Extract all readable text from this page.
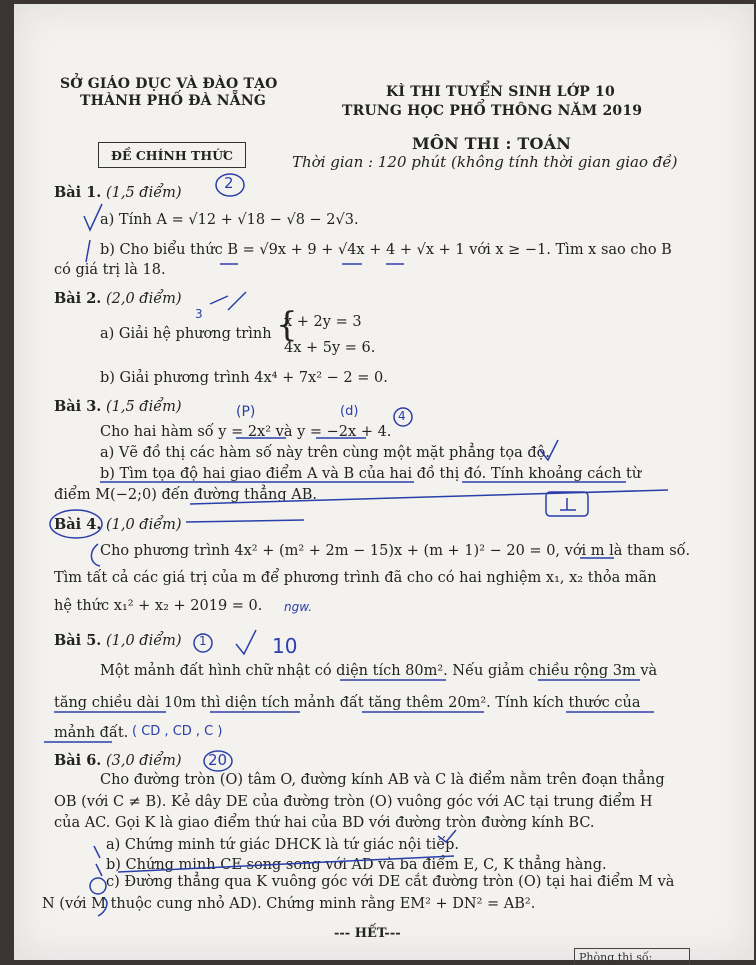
SỞ GIÁO DỤC VÀ ĐÀO TẠO
THÀNH PHỐ ĐÀ NẴNG
KÌ THI TUYỂN SINH LỚP 10
TRUNG HỌC PHỔ THÔNG NĂM 2019
ĐỀ CHÍNH THỨC
MÔN THI : TOÁN
Thời gian : 120 phút (không tính thời gian giao đề)
Bài 1. (1,5 điểm)
a) Tính A = √12 + √18 − √8 − 2√3.
b) Cho biểu thức B = √9x + 9 + √4x + 4 + √x + 1 với x ≥ −1. Tìm x sao cho B
có giá trị là 18.
Bài 2. (2,0 điểm)
a) Giải hệ phương trình {
x + 2y = 3
4x + 5y = 6.
b) Giải phương trình 4x⁴ + 7x² − 2 = 0.
Bài 3. (1,5 điểm)
Cho hai hàm số y = 2x² và y = −2x + 4.
a) Vẽ đồ thị các hàm số này trên cùng một mặt phẳng tọa độ.
b) Tìm tọa độ hai giao điểm A và B của hai đồ thị đó. Tính khoảng cách từ
điểm M(−2;0) đến đường thẳng AB.
Bài 4. (1,0 điểm)
Cho phương trình 4x² + (m² + 2m − 15)x + (m + 1)² − 20 = 0, với m là tham số.
Tìm tất cả các giá trị của m để phương trình đã cho có hai nghiệm x₁, x₂ thỏa mãn
hệ thức x₁² + x₂ + 2019 = 0.
Bài 5. (1,0 điểm)
Một mảnh đất hình chữ nhật có diện tích 80m². Nếu giảm chiều rộng 3m và
tăng chiều dài 10m thì diện tích mảnh đất tăng thêm 20m². Tính kích thước của
mảnh đất.
Bài 6. (3,0 điểm)
Cho đường tròn (O) tâm O, đường kính AB và C là điểm nằm trên đoạn thẳng
OB (với C ≠ B). Kẻ dây DE của đường tròn (O) vuông góc với AC tại trung điểm H
của AC. Gọi K là giao điểm thứ hai của BD với đường tròn đường kính BC.
a) Chứng minh tứ giác DHCK là tứ giác nội tiếp.
b) Chứng minh CE song song với AD và ba điểm E, C, K thẳng hàng.
c) Đường thẳng qua K vuông góc với DE cắt đường tròn (O) tại hai điểm M và
N (với M thuộc cung nhỏ AD). Chứng minh rằng EM² + DN² = AB².
--- HẾT---
Phòng thi số:
2
3
(P)	(d)	4
ngw.
1	10
( CD , CD , C )
20
